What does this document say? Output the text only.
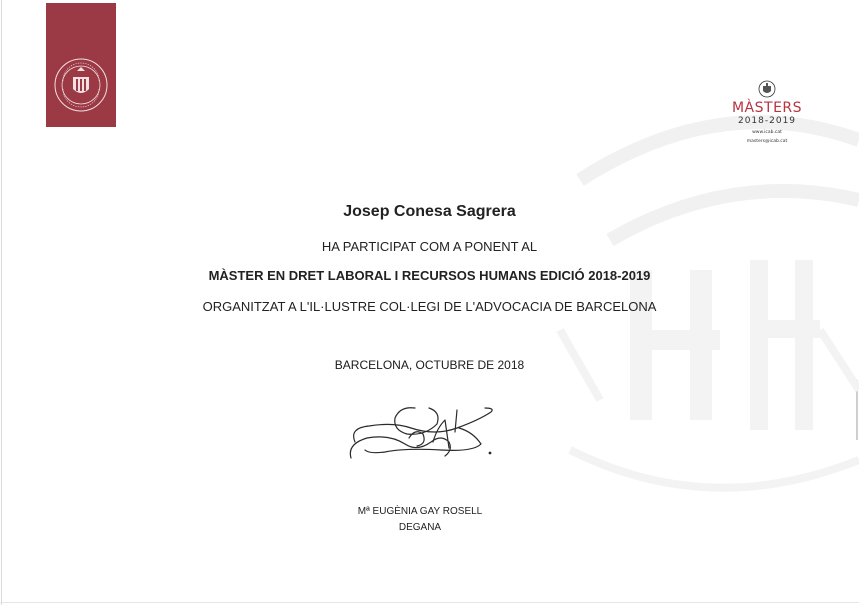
MÀSTERS
2018-2019
www.icab.cat
masters@icab.cat
Josep Conesa Sagrera
HA PARTICIPAT COM A PONENT AL
MÀSTER EN DRET LABORAL I RECURSOS HUMANS EDICIÓ 2018-2019
ORGANITZAT A L'IL·LUSTRE COL·LEGI DE L'ADVOCACIA DE BARCELONA
BARCELONA, OCTUBRE DE 2018
Mª EUGÈNIA GAY ROSELL
DEGANA
